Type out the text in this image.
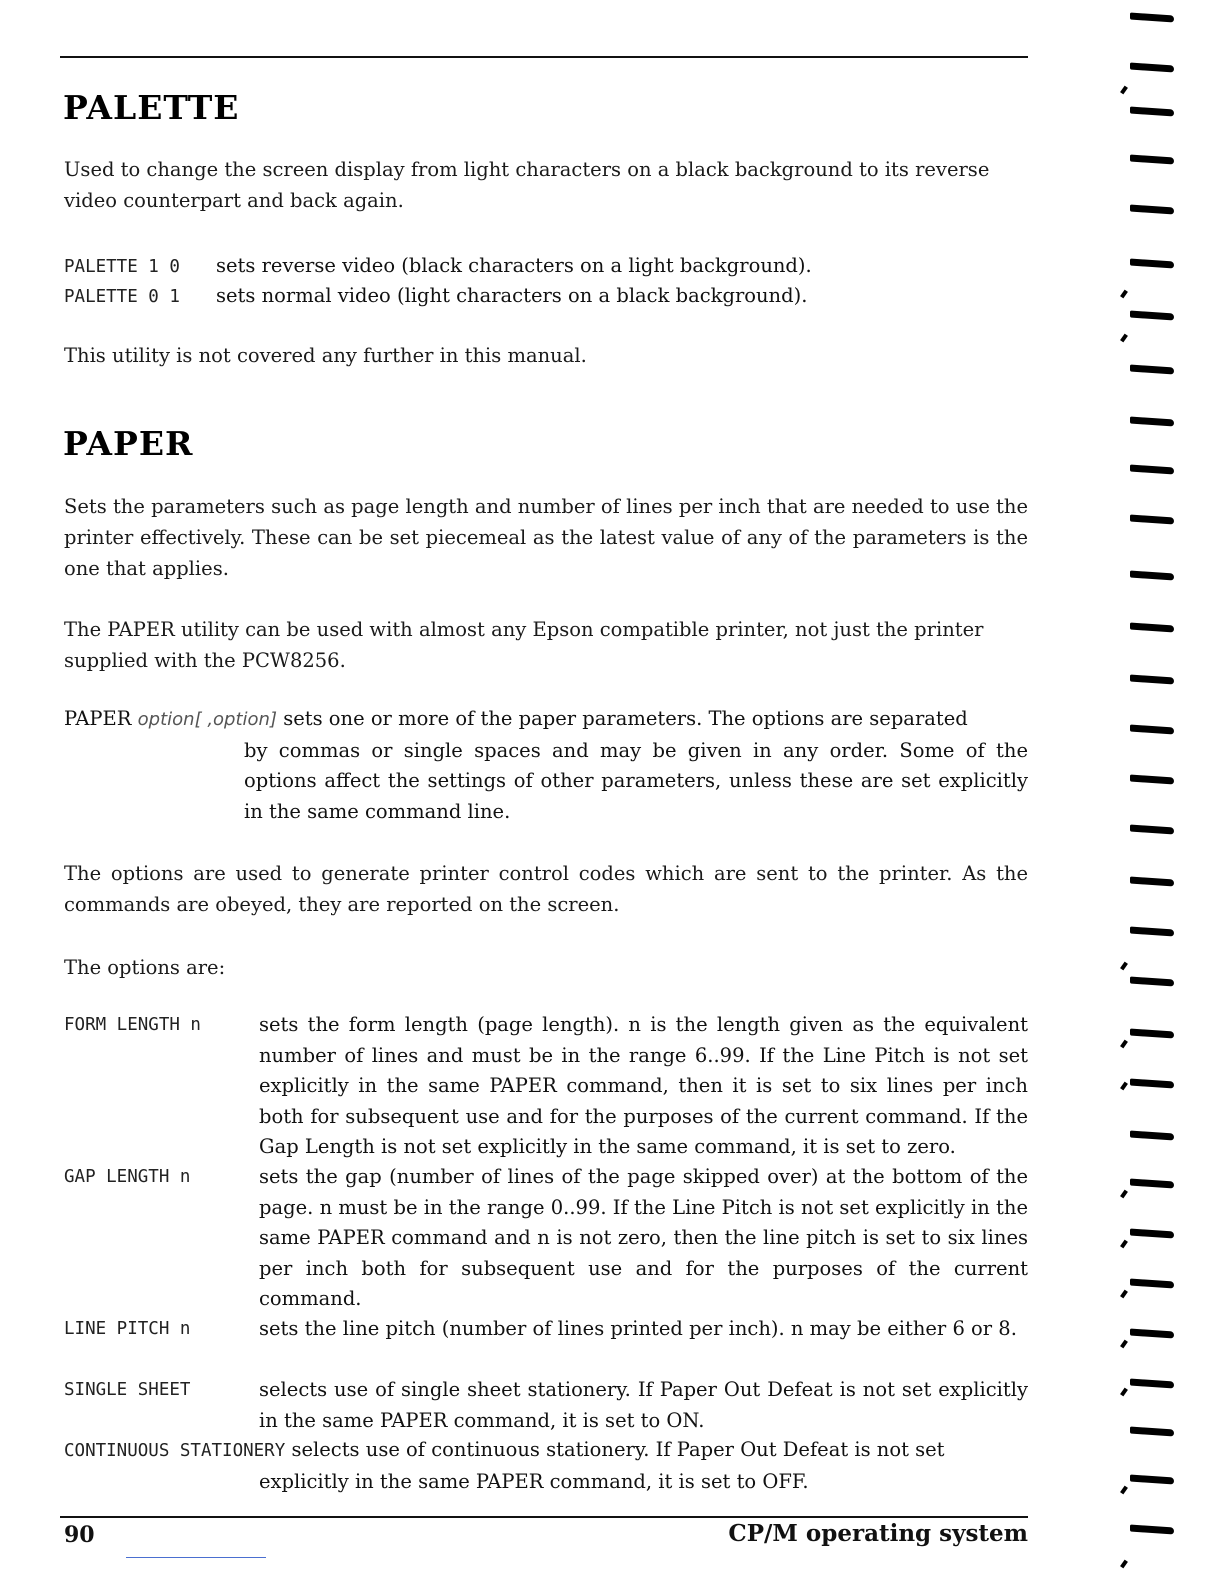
PALETTE

Used to change the screen display from light characters on a black background to its reverse video counterpart and back again.

PALETTE 1 0 sets reverse video (black characters on a light background).
PALETTE 0 1 sets normal video (light characters on a black background).

This utility is not covered any further in this manual.

PAPER

Sets the parameters such as page length and number of lines per inch that are needed to use the printer effectively. These can be set piecemeal as the latest value of any of the parameters is the one that applies.

The PAPER utility can be used with almost any Epson compatible printer, not just the printer supplied with the PCW8256.

PAPER option[ ,option] sets one or more of the paper parameters. The options are separated
by commas or single spaces and may be given in any order. Some of the options affect the settings of other parameters, unless these are set explicitly in the same command line.

The options are used to generate printer control codes which are sent to the printer. As the commands are obeyed, they are reported on the screen.

The options are:

FORM LENGTH n	sets the form length (page length). n is the length given as the equivalent number of lines and must be in the range 6..99. If the Line Pitch is not set explicitly in the same PAPER command, then it is set to six lines per inch both for subsequent use and for the purposes of the current command. If the Gap Length is not set explicitly in the same command, it is set to zero.
GAP LENGTH n	sets the gap (number of lines of the page skipped over) at the bottom of the page. n must be in the range 0..99. If the Line Pitch is not set explicitly in the same PAPER command and n is not zero, then the line pitch is set to six lines per inch both for subsequent use and for the purposes of the current command.
LINE PITCH n	sets the line pitch (number of lines printed per inch). n may be either 6 or 8.
SINGLE SHEET	selects use of single sheet stationery. If Paper Out Defeat is not set explicitly in the same PAPER command, it is set to ON.
CONTINUOUS STATIONERY selects use of continuous stationery. If Paper Out Defeat is not set
explicitly in the same PAPER command, it is set to OFF.
90	CP/M operating system
